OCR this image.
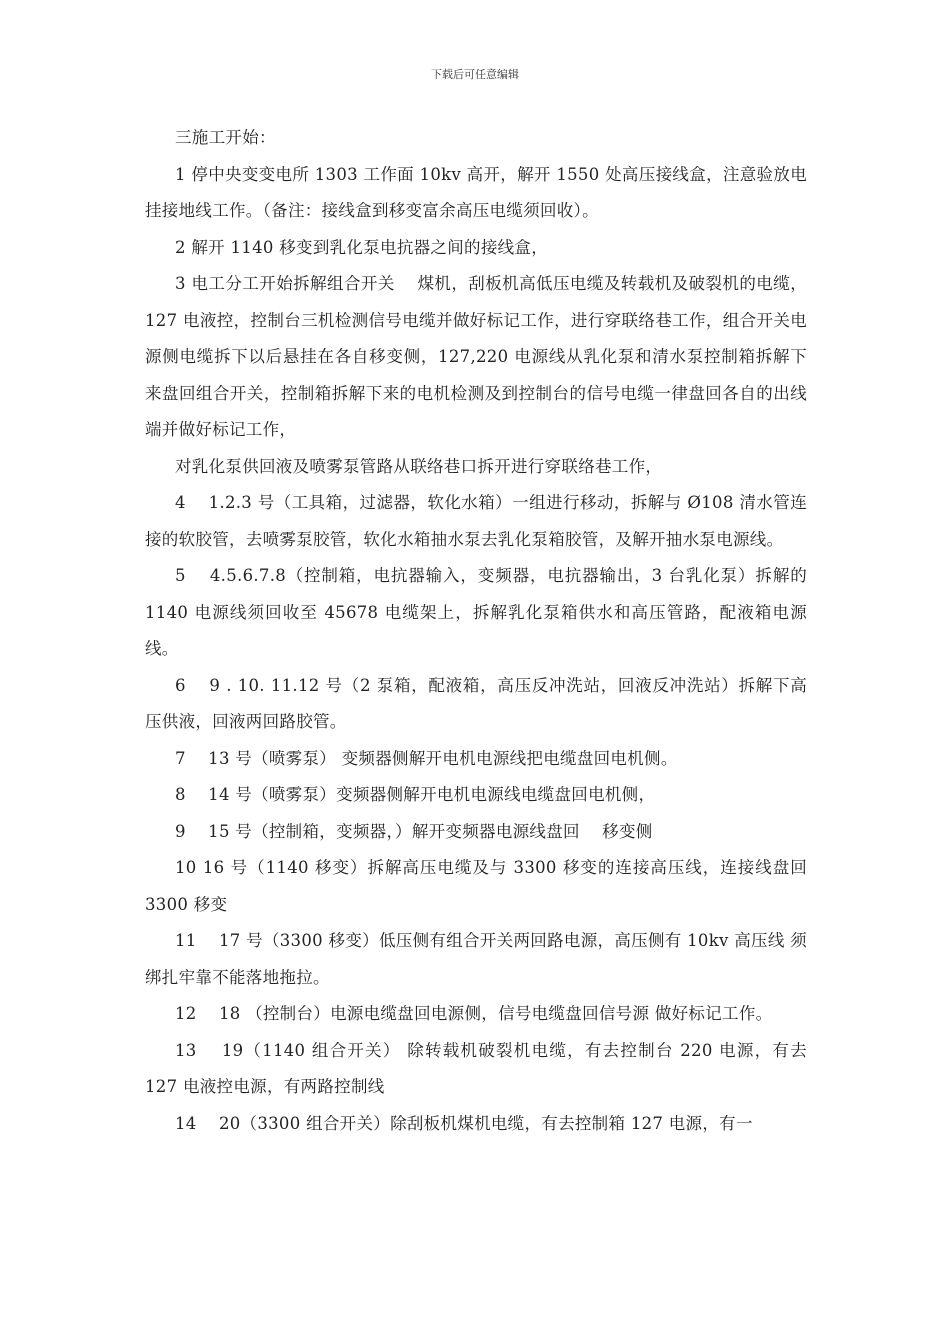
下载后可任意编辑

三施工开始：

1 停中央变变电所 1303 工作面 10kv 高开，解开 1550 处高压接线盒，注意验放电挂接地线工作。（备注：接线盒到移变富余高压电缆须回收）。

2 解开 1140 移变到乳化泵电抗器之间的接线盒，

3 电工分工开始拆解组合开关　 煤机，刮板机高低压电缆及转载机及破裂机的电缆，127 电液控，控制台三机检测信号电缆并做好标记工作，进行穿联络巷工作，组合开关电源侧电缆拆下以后悬挂在各自移变侧，127,220 电源线从乳化泵和清水泵控制箱拆解下来盘回组合开关，控制箱拆解下来的电机检测及到控制台的信号电缆一律盘回各自的出线端并做好标记工作，

对乳化泵供回液及喷雾泵管路从联络巷口拆开进行穿联络巷工作，

4　 1.2.3 号（工具箱，过滤器，软化水箱）一组进行移动，拆解与 Ø108 清水管连接的软胶管，去喷雾泵胶管，软化水箱抽水泵去乳化泵箱胶管，及解开抽水泵电源线。

5　 4.5.6.7.8（控制箱，电抗器输入，变频器，电抗器输出，3 台乳化泵）拆解的 1140 电源线须回收至 45678 电缆架上，拆解乳化泵箱供水和高压管路，配液箱电源线。

6　 9 . 10. 11.12 号（2 泵箱，配液箱，高压反冲洗站，回液反冲洗站）拆解下高压供液，回液两回路胶管。

7　 13 号（喷雾泵） 变频器侧解开电机电源线把电缆盘回电机侧。

8　 14 号（喷雾泵）变频器侧解开电机电源线电缆盘回电机侧，

9　 15 号（控制箱，变频器，）解开变频器电源线盘回　 移变侧

10 16 号（1140 移变）拆解高压电缆及与 3300 移变的连接高压线，连接线盘回 3300 移变

11　 17 号（3300 移变）低压侧有组合开关两回路电源，高压侧有 10kv 高压线 须绑扎牢靠不能落地拖拉。

12　 18 （控制台）电源电缆盘回电源侧，信号电缆盘回信号源 做好标记工作。

13　 19（1140 组合开关） 除转载机破裂机电缆，有去控制台 220 电源，有去 127 电液控电源，有两路控制线

14　 20（3300 组合开关）除刮板机煤机电缆，有去控制箱 127 电源，有一
